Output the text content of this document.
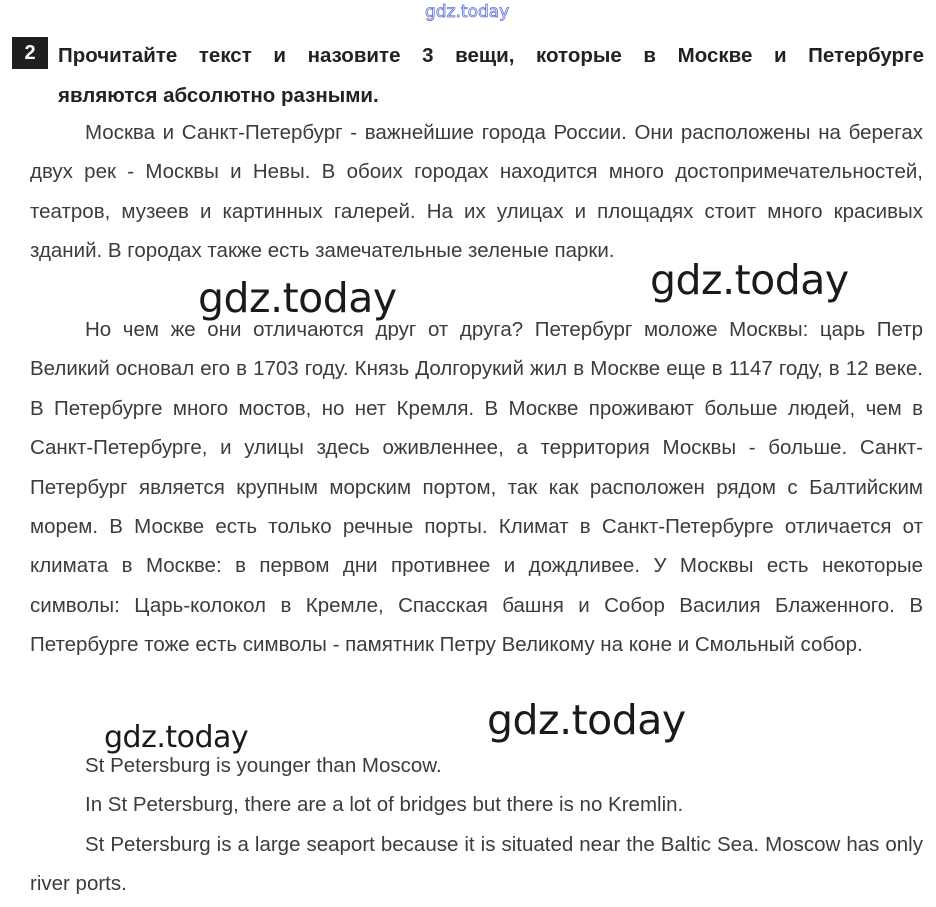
gdz.today
2	Прочитайте текст и назовите 3 вещи, которые в Москве и Петербурге
являются абсолютно разными.

Москва и Санкт-Петербург - важнейшие города России. Они расположены на берегах двух рек - Москвы и Невы. В обоих городах находится много достопримечательностей, театров, музеев и картинных галерей. На их улицах и площадях стоит много красивых зданий. В городах также есть замечательные зеленые парки.

Но чем же они отличаются друг от друга? Петербург моложе Москвы: царь Петр Великий основал его в 1703 году. Князь Долгорукий жил в Москве еще в 1147 году, в 12 веке. В Петербурге много мостов, но нет Кремля. В Москве проживают больше людей, чем в Санкт-Петербурге, и улицы здесь оживленнее, а территория Москвы - больше. Санкт-Петербург является крупным морским портом, так как расположен рядом с Балтийским морем. В Москве есть только речные порты. Климат в Санкт-Петербурге отличается от климата в Москве: в первом дни противнее и дождливее. У Москвы есть некоторые символы: Царь-колокол в Кремле, Спасская башня и Собор Василия Блаженного. В Петербурге тоже есть символы - памятник Петру Великому на коне и Смольный собор.

St Petersburg is younger than Moscow.
In St Petersburg, there are a lot of bridges but there is no Kremlin.
St Petersburg is a large seaport because it is situated near the Baltic Sea. Moscow has only river ports.
gdz.today	gdz.today
gdz.today
gdz.today
